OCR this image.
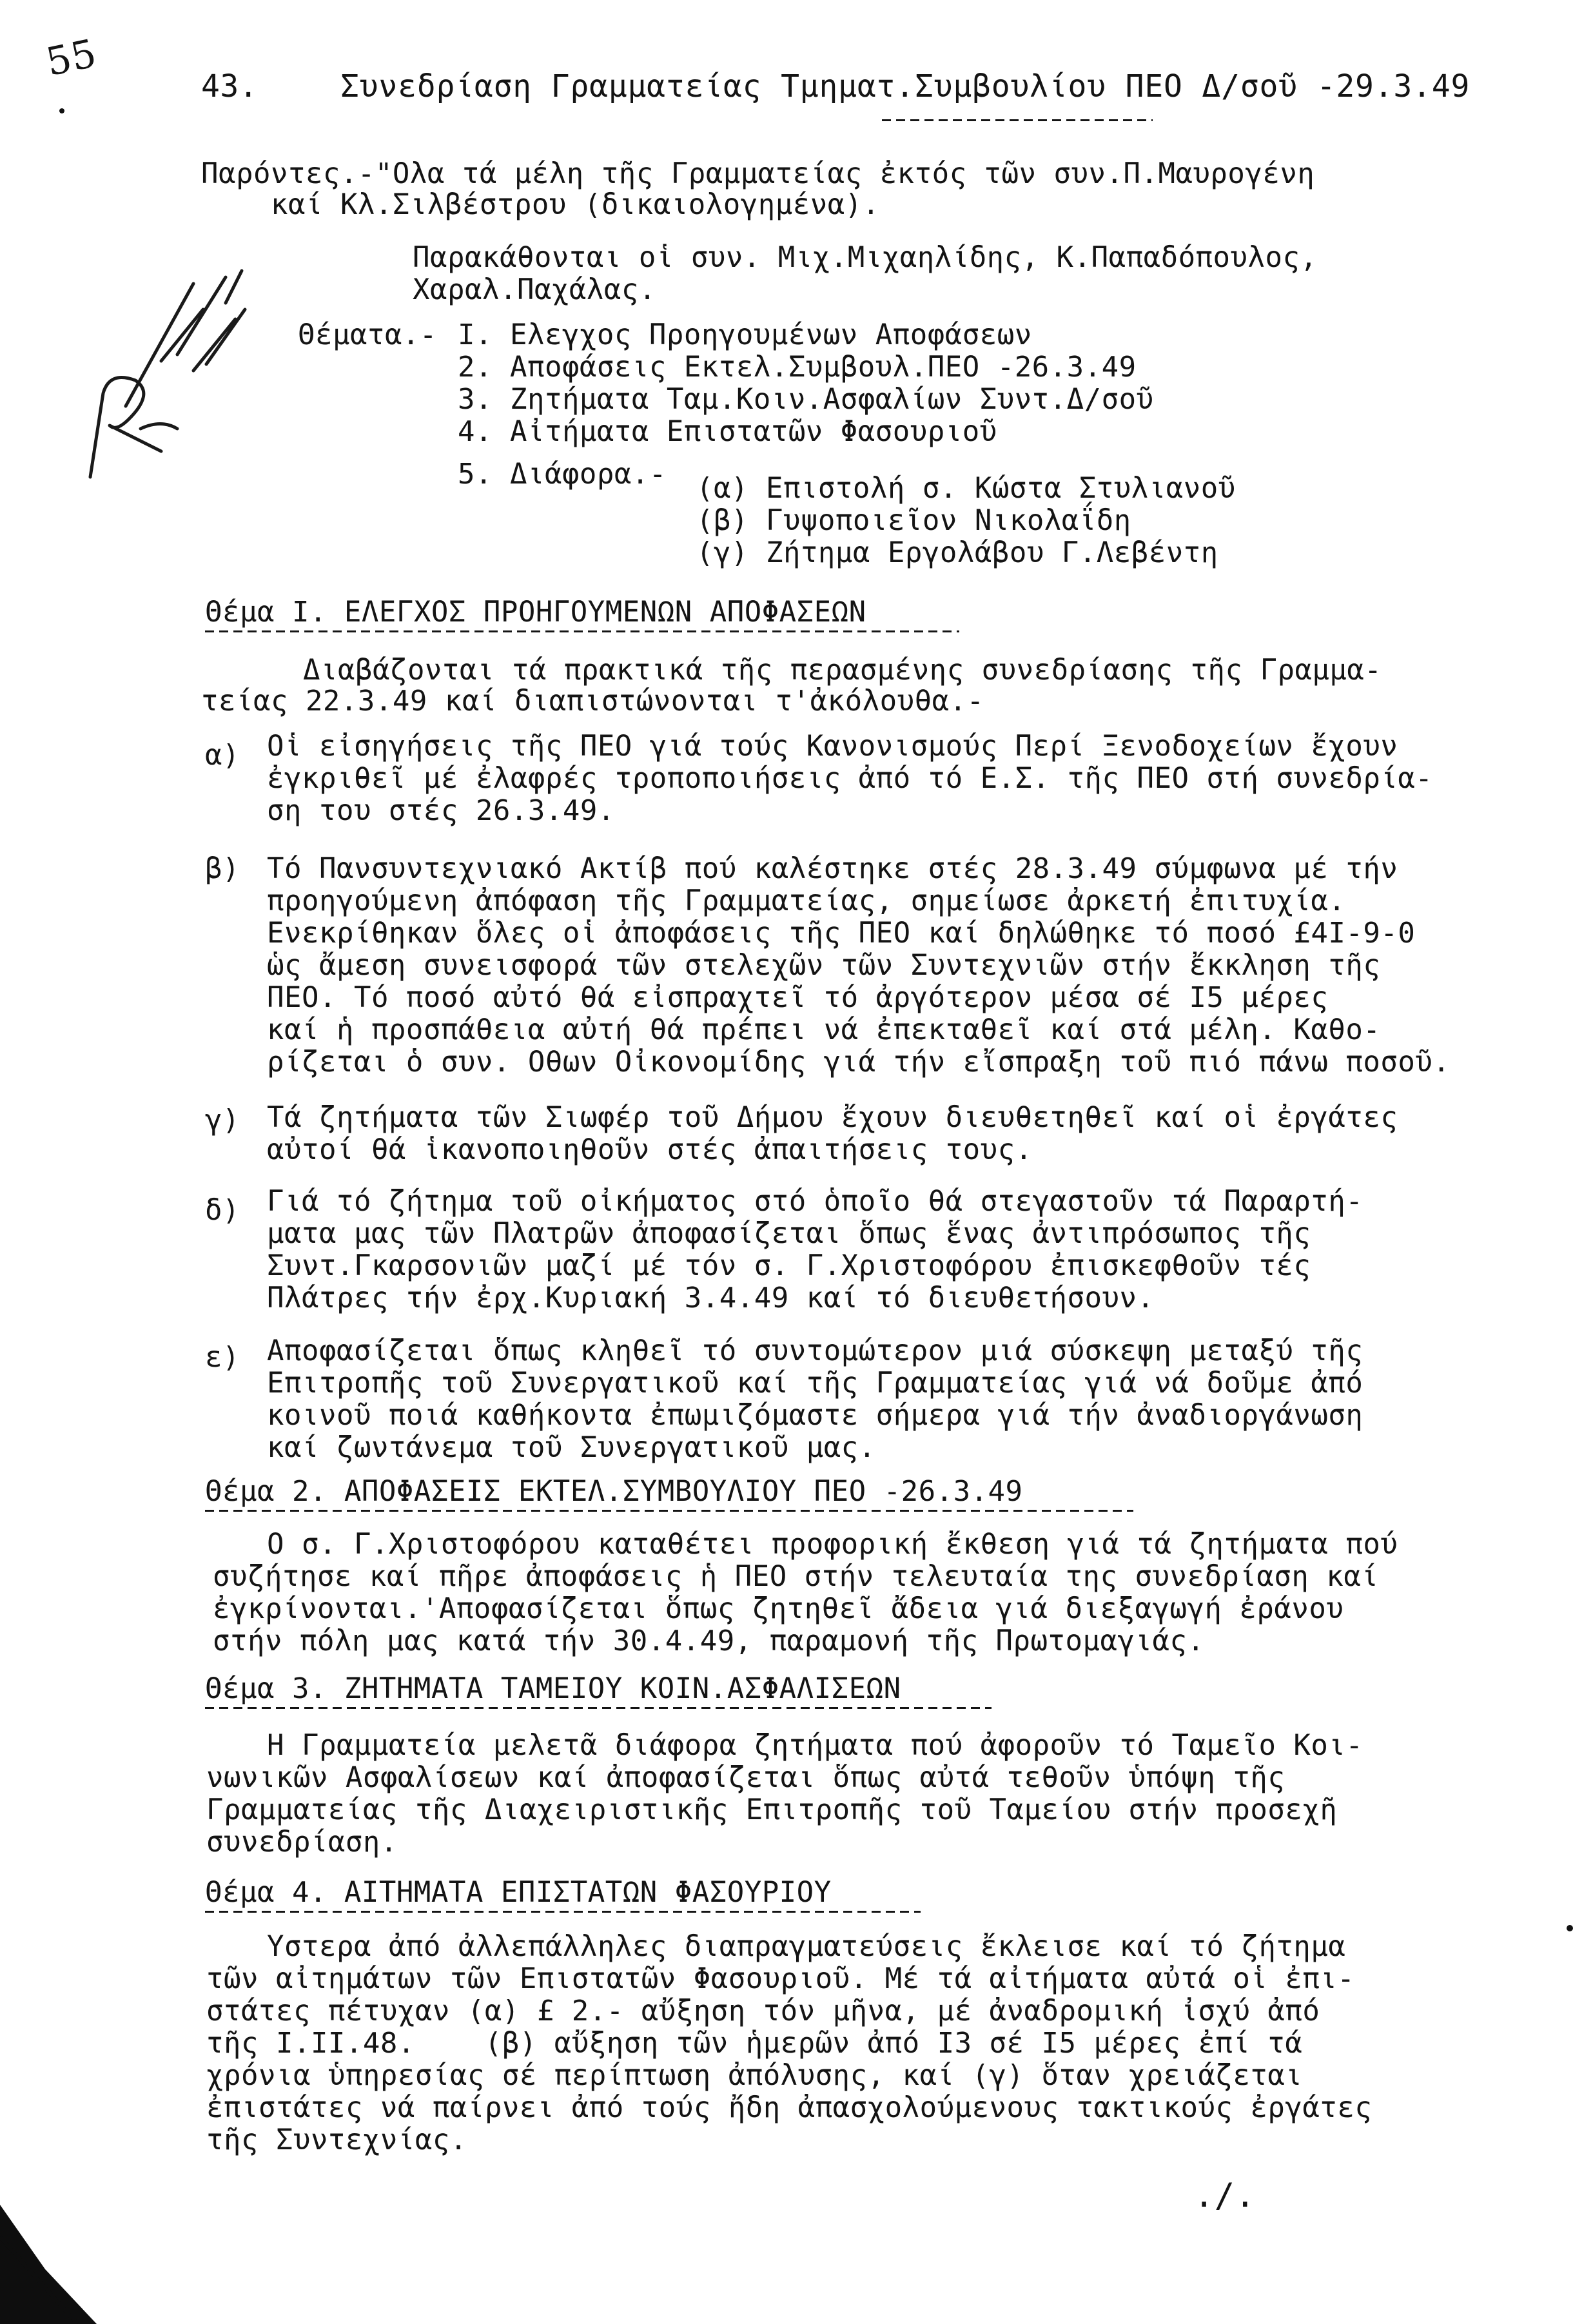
55
43.	Συνεδρίαση Γραμματείας Τμηματ.Συμβουλίου ΠΕΟ Δ/σοῦ -29.3.49
Παρόντες.-"Ολα τά μέλη τῆς Γραμματείας ἐκτός τῶν συν.Π.Μαυρογένη
καί Κλ.Σιλβέστρου (δικαιολογημένα).
Παρακάθονται οἱ συν. Μιχ.Μιχαηλίδης, Κ.Παπαδόπουλος,
Χαραλ.Παχάλας.
Θέματα.- I. Ελεγχος Προηγουμένων Αποφάσεων
2. Αποφάσεις Εκτελ.Συμβουλ.ΠΕΟ -26.3.49
3. Ζητήματα Ταμ.Κοιν.Ασφαλίων Συντ.Δ/σοῦ
4. Αἰτήματα Επιστατῶν Φασουριοῦ
5. Διάφορα.- (α) Επιστολή σ. Κώστα Στυλιανοῦ
(β) Γυψοποιεῖον Νικολαΐδη
(γ) Ζήτημα Εργολάβου Γ.Λεβέντη
Θέμα I. ΕΛΕΓΧΟΣ ΠΡΟΗΓΟΥΜΕΝΩΝ ΑΠΟΦΑΣΕΩΝ
Διαβάζονται τά πρακτικά τῆς περασμένης συνεδρίασης τῆς Γραμμα-
τείας 22.3.49 καί διαπιστώνονται τ'ἀκόλουθα.-
α) Οἱ εἰσηγήσεις τῆς ΠΕΟ γιά τούς Κανονισμούς Περί Ξενοδοχείων ἔχουν
ἐγκριθεῖ μέ ἐλαφρές τροποποιήσεις ἀπό τό Ε.Σ. τῆς ΠΕΟ στή συνεδρία-
ση του στές 26.3.49.
β) Τό Πανσυντεχνιακό Ακτίβ πού καλέστηκε στές 28.3.49 σύμφωνα μέ τήν
προηγούμενη ἀπόφαση τῆς Γραμματείας, σημείωσε ἀρκετή ἐπιτυχία.
Ενεκρίθηκαν ὅλες οἱ ἀποφάσεις τῆς ΠΕΟ καί δηλώθηκε τό ποσό £4I-9-0
ὡς ἄμεση συνεισφορά τῶν στελεχῶν τῶν Συντεχνιῶν στήν ἔκκληση τῆς
ΠΕΟ. Τό ποσό αὐτό θά εἰσπραχτεῖ τό ἀργότερον μέσα σέ I5 μέρες
καί ἡ προσπάθεια αὐτή θά πρέπει νά ἐπεκταθεῖ καί στά μέλη. Καθο-
ρίζεται ὁ συν. Οθων Οἰκονομίδης γιά τήν εἴσπραξη τοῦ πιό πάνω ποσοῦ.
γ) Τά ζητήματα τῶν Σιωφέρ τοῦ Δήμου ἔχουν διευθετηθεῖ καί οἱ ἐργάτες
αὐτοί θά ἱκανοποιηθοῦν στές ἀπαιτήσεις τους.
δ) Γιά τό ζήτημα τοῦ οἰκήματος στό ὁποῖο θά στεγαστοῦν τά Παραρτή-
ματα μας τῶν Πλατρῶν ἀποφασίζεται ὅπως ἕνας ἀντιπρόσωπος τῆς
Συντ.Γκαρσονιῶν μαζί μέ τόν σ. Γ.Χριστοφόρου ἐπισκεφθοῦν τές
Πλάτρες τήν ἐρχ.Κυριακή 3.4.49 καί τό διευθετήσουν.
ε) Αποφασίζεται ὅπως κληθεῖ τό συντομώτερον μιά σύσκεψη μεταξύ τῆς
Επιτροπῆς τοῦ Συνεργατικοῦ καί τῆς Γραμματείας γιά νά δοῦμε ἀπό
κοινοῦ ποιά καθήκοντα ἐπωμιζόμαστε σήμερα γιά τήν ἀναδιοργάνωση
καί ζωντάνεμα τοῦ Συνεργατικοῦ μας.
Θέμα 2. ΑΠΟΦΑΣΕΙΣ ΕΚΤΕΛ.ΣΥΜΒΟΥΛΙΟΥ ΠΕΟ -26.3.49
Ο σ. Γ.Χριστοφόρου καταθέτει προφορική ἔκθεση γιά τά ζητήματα πού
συζήτησε καί πῆρε ἀποφάσεις ἡ ΠΕΟ στήν τελευταία της συνεδρίαση καί
ἐγκρίνονται.'Αποφασίζεται ὅπως ζητηθεῖ ἄδεια γιά διεξαγωγή ἐράνου
στήν πόλη μας κατά τήν 30.4.49, παραμονή τῆς Πρωτομαγιάς.
Θέμα 3. ΖΗΤΗΜΑΤΑ ΤΑΜΕΙΟΥ ΚΟΙΝ.ΑΣΦΑΛΙΣΕΩΝ
Η Γραμματεία μελετᾶ διάφορα ζητήματα πού ἀφοροῦν τό Ταμεῖο Κοι-
νωνικῶν Ασφαλίσεων καί ἀποφασίζεται ὅπως αὐτά τεθοῦν ὑπόψη τῆς
Γραμματείας τῆς Διαχειριστικῆς Επιτροπῆς τοῦ Ταμείου στήν προσεχῆ
συνεδρίαση.
Θέμα 4. ΑΙΤΗΜΑΤΑ ΕΠΙΣΤΑΤΩΝ ΦΑΣΟΥΡΙΟΥ
Υστερα ἀπό ἀλλεπάλληλες διαπραγματεύσεις ἔκλεισε καί τό ζήτημα
τῶν αἰτημάτων τῶν Επιστατῶν Φασουριοῦ. Μέ τά αἰτήματα αὐτά οἱ ἐπι-
στάτες πέτυχαν (α) £ 2.- αὔξηση τόν μῆνα, μέ ἀναδρομική ἰσχύ ἀπό
τῆς I.II.48.    (β) αὔξηση τῶν ἡμερῶν ἀπό I3 σέ I5 μέρες ἐπί τά
χρόνια ὑπηρεσίας σέ περίπτωση ἀπόλυσης, καί (γ) ὅταν χρειάζεται
ἐπιστάτες νά παίρνει ἀπό τούς ἤδη ἀπασχολούμενους τακτικούς ἐργάτες
τῆς Συντεχνίας.
./.
